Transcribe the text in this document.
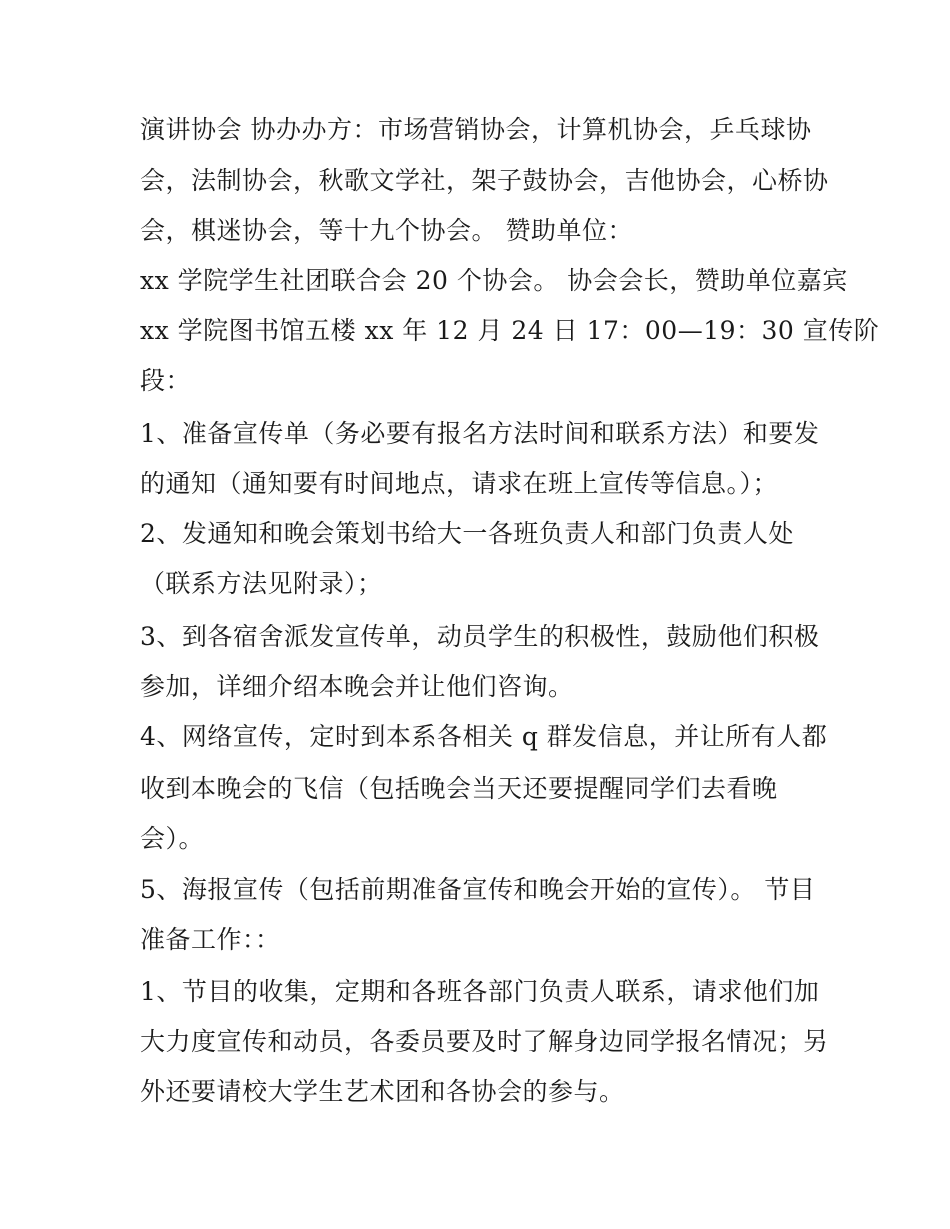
演讲协会 协办办方：市场营销协会，计算机协会，乒乓球协
会，法制协会，秋歌文学社，架子鼓协会，吉他协会，心桥协
会，棋迷协会，等十九个协会。 赞助单位：
xx 学院学生社团联合会 20 个协会。 协会会长，赞助单位嘉宾
xx 学院图书馆五楼 xx 年 12 月 24 日 17：00—19：30 宣传阶
段：
1、准备宣传单（务必要有报名方法时间和联系方法）和要发
的通知（通知要有时间地点，请求在班上宣传等信息。）；
2、发通知和晚会策划书给大一各班负责人和部门负责人处
（联系方法见附录）；
3、到各宿舍派发宣传单，动员学生的积极性，鼓励他们积极
参加，详细介绍本晚会并让他们咨询。
4、网络宣传，定时到本系各相关 q 群发信息，并让所有人都
收到本晚会的飞信（包括晚会当天还要提醒同学们去看晚
会）。
5、海报宣传（包括前期准备宣传和晚会开始的宣传）。 节目
准备工作：：
1、节目的收集，定期和各班各部门负责人联系，请求他们加
大力度宣传和动员，各委员要及时了解身边同学报名情况；另
外还要请校大学生艺术团和各协会的参与。
